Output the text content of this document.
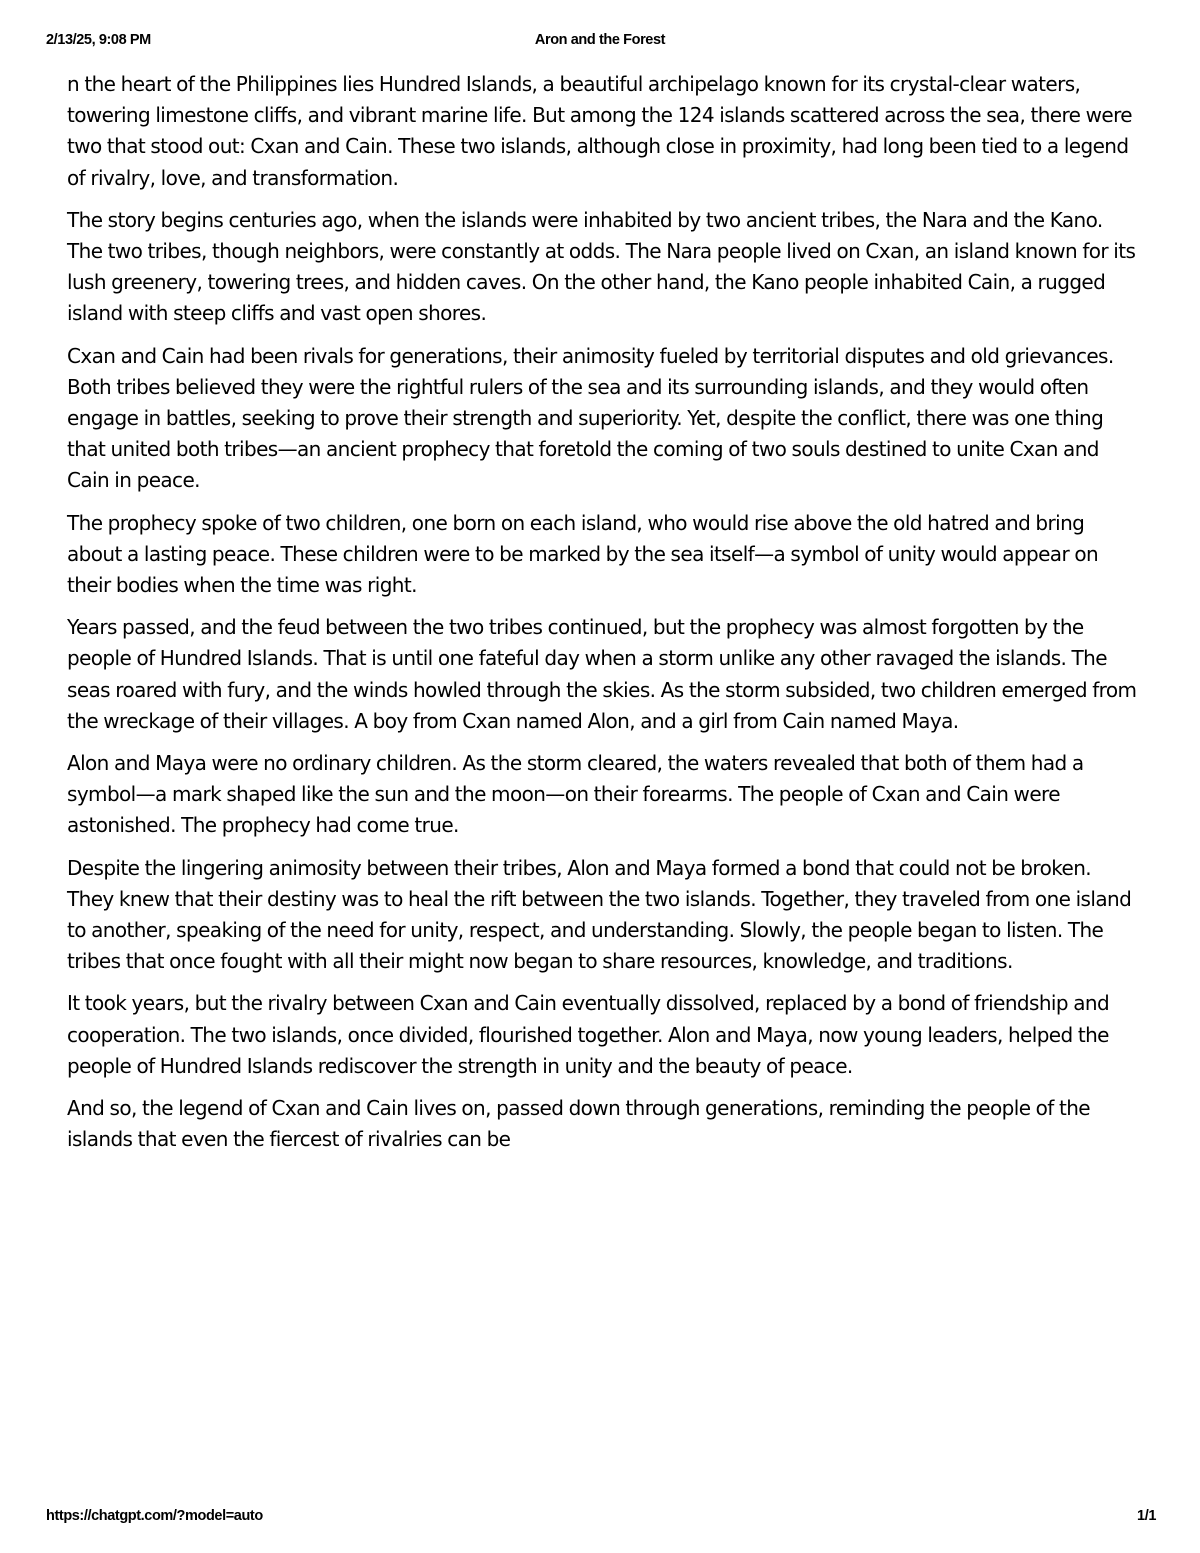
2/13/25, 9:08 PM	Aron and the Forest

n the heart of the Philippines lies Hundred Islands, a beautiful archipelago known for its crystal-clear waters, towering limestone cliffs, and vibrant marine life. But among the 124 islands scattered across the sea, there were two that stood out: Cxan and Cain. These two islands, although close in proximity, had long been tied to a legend of rivalry, love, and transformation.

The story begins centuries ago, when the islands were inhabited by two ancient tribes, the Nara and the Kano. The two tribes, though neighbors, were constantly at odds. The Nara people lived on Cxan, an island known for its lush greenery, towering trees, and hidden caves. On the other hand, the Kano people inhabited Cain, a rugged island with steep cliffs and vast open shores.

Cxan and Cain had been rivals for generations, their animosity fueled by territorial disputes and old grievances. Both tribes believed they were the rightful rulers of the sea and its surrounding islands, and they would often engage in battles, seeking to prove their strength and superiority. Yet, despite the conflict, there was one thing that united both tribes—an ancient prophecy that foretold the coming of two souls destined to unite Cxan and Cain in peace.

The prophecy spoke of two children, one born on each island, who would rise above the old hatred and bring about a lasting peace. These children were to be marked by the sea itself—a symbol of unity would appear on their bodies when the time was right.

Years passed, and the feud between the two tribes continued, but the prophecy was almost forgotten by the people of Hundred Islands. That is until one fateful day when a storm unlike any other ravaged the islands. The seas roared with fury, and the winds howled through the skies. As the storm subsided, two children emerged from the wreckage of their villages. A boy from Cxan named Alon, and a girl from Cain named Maya.

Alon and Maya were no ordinary children. As the storm cleared, the waters revealed that both of them had a symbol—a mark shaped like the sun and the moon—on their forearms. The people of Cxan and Cain were astonished. The prophecy had come true.

Despite the lingering animosity between their tribes, Alon and Maya formed a bond that could not be broken. They knew that their destiny was to heal the rift between the two islands. Together, they traveled from one island to another, speaking of the need for unity, respect, and understanding. Slowly, the people began to listen. The tribes that once fought with all their might now began to share resources, knowledge, and traditions.

It took years, but the rivalry between Cxan and Cain eventually dissolved, replaced by a bond of friendship and cooperation. The two islands, once divided, flourished together. Alon and Maya, now young leaders, helped the people of Hundred Islands rediscover the strength in unity and the beauty of peace.

And so, the legend of Cxan and Cain lives on, passed down through generations, reminding the people of the islands that even the fiercest of rivalries can be

https://chatgpt.com/?model=auto	1/1
